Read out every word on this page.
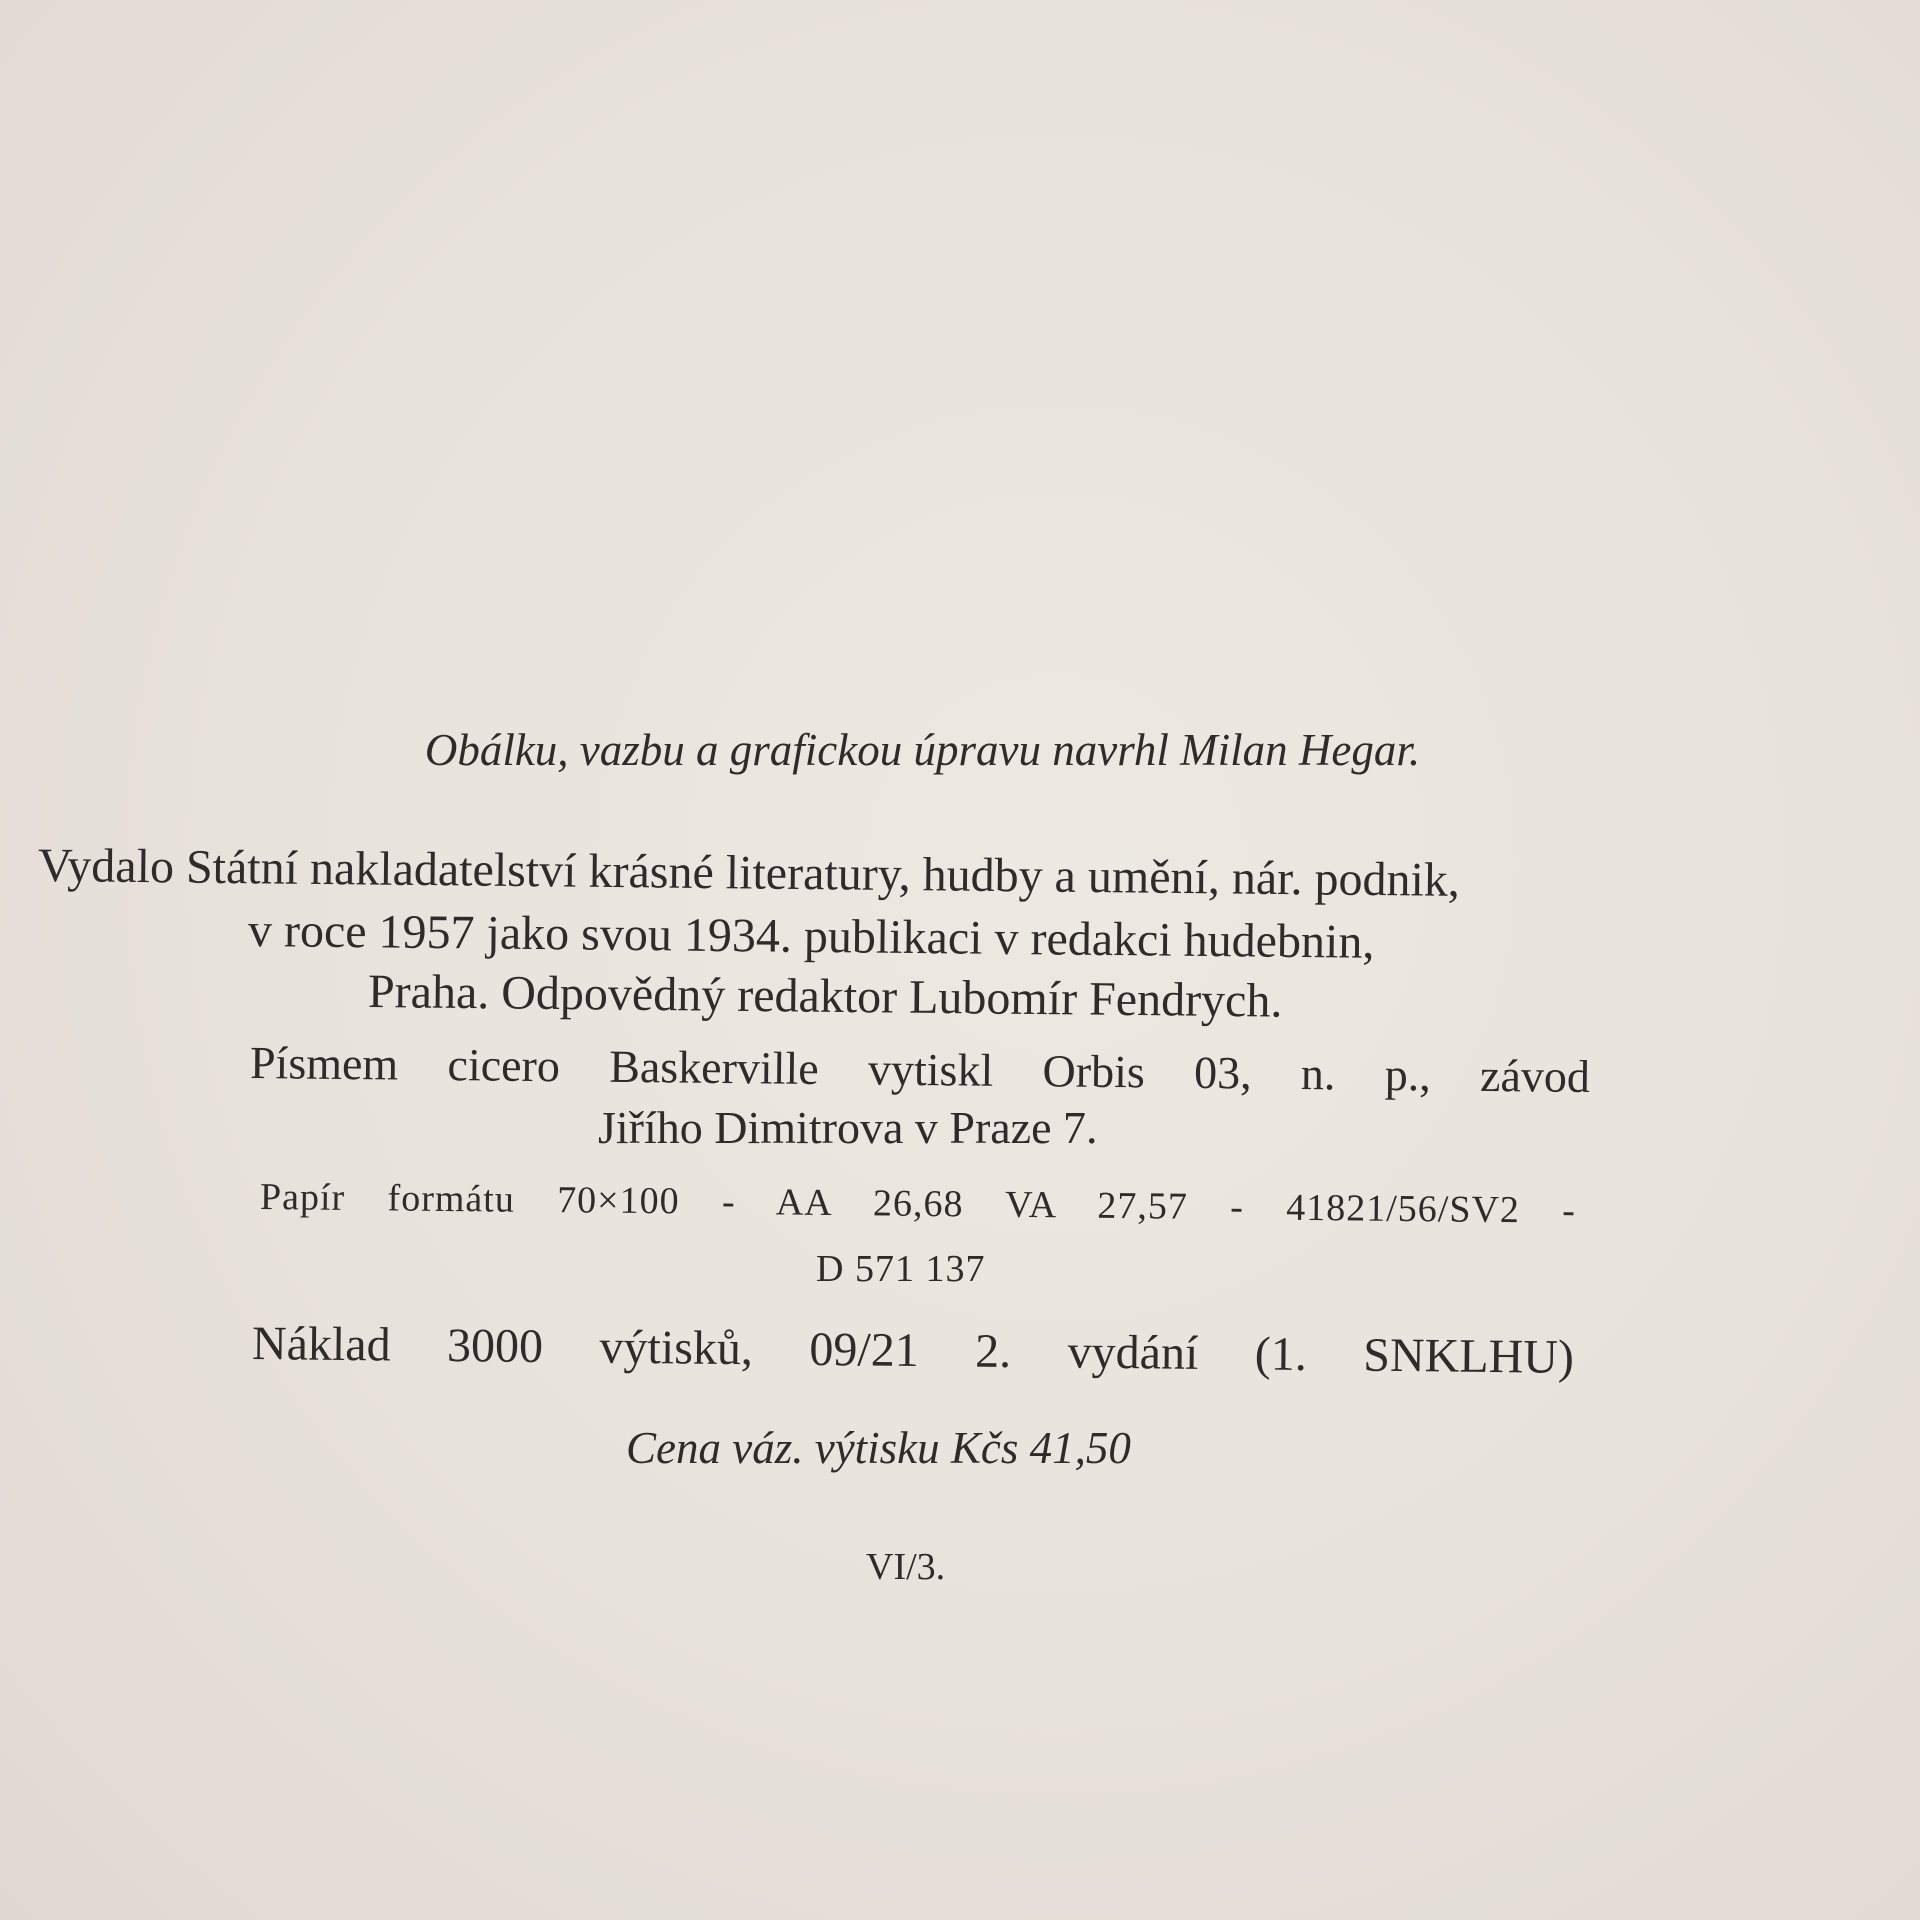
Obálku, vazbu a grafickou úpravu navrhl Milan Hegar.
Vydalo Státní nakladatelství krásné literatury, hudby a umění, nár. podnik,
v roce 1957 jako svou 1934. publikaci v redakci hudebnin,
Praha. Odpovědný redaktor Lubomír Fendrych.
Písmem cicero Baskerville vytiskl Orbis 03, n. p., závod
Jiřího Dimitrova v Praze 7.
Papír formátu 70×100 - AA 26,68 VA 27,57 - 41821/56/SV2 -
D 571 137
Náklad 3000 výtisků, 09/21 2. vydání (1. SNKLHU)
Cena váz. výtisku Kčs 41,50
VI/3.
